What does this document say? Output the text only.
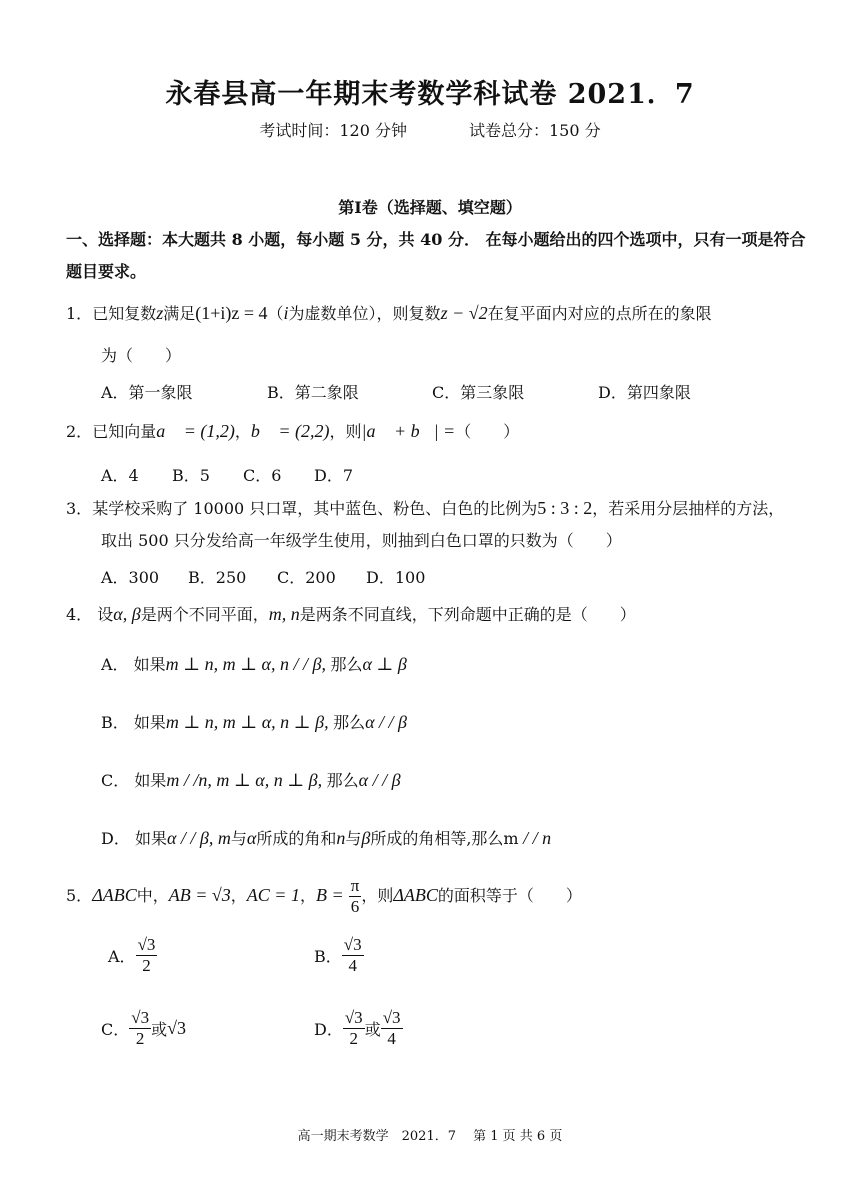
永春县高一年期末考数学科试卷 2021．7
考试时间：120 分钟	试卷总分：150 分
第Ⅰ卷（选择题、填空题）
一、选择题：本大题共 8 小题，每小题 5 分，共 40 分． 在每小题给出的四个选项中，只有一项是符合题目要求。
1．已知复数z满足(1+i)z = 4（i为虚数单位），则复数z − √2在复平面内对应的点所在的象限
为（　　）
A．第一象限	B．第二象限	C．第三象限	D．第四象限
2．已知向量a⃗ = (1,2)，b⃗ = (2,2)，则|a⃗ + b⃗| =（　　）
A．4 B．5 C．6 D．7
3．某学校采购了 10000 只口罩，其中蓝色、粉色、白色的比例为5 : 3 : 2，若采用分层抽样的方法，
取出 500 只分发给高一年级学生使用，则抽到白色口罩的只数为（　　）
A．300 B．250 C．200 D．100
4． 设α, β是两个不同平面，m, n是两条不同直线，下列命题中正确的是（　　）
A． 如果m ⊥ n, m ⊥ α, n / / β, 那么α ⊥ β
B． 如果m ⊥ n, m ⊥ α, n ⊥ β, 那么α / / β
C． 如果m / /n, m ⊥ α, n ⊥ β, 那么α / / β
D． 如果α / / β, m与α所成的角和n与β所成的角相等,那么m / / n
5．ΔABC中，AB = √3，AC = 1，$B = \frac{\pi}{6}$ ，则ΔABC的面积等于（　　）
A． $\frac{√3}{2}$	B． $\frac{√3}{4}$
C． $\frac{√3}{2}$ 或√3	D． $\frac{√3}{2}$ 或 $\frac{√3}{4}$
高一期末考数学　2021．7　 第 1 页 共 6 页
